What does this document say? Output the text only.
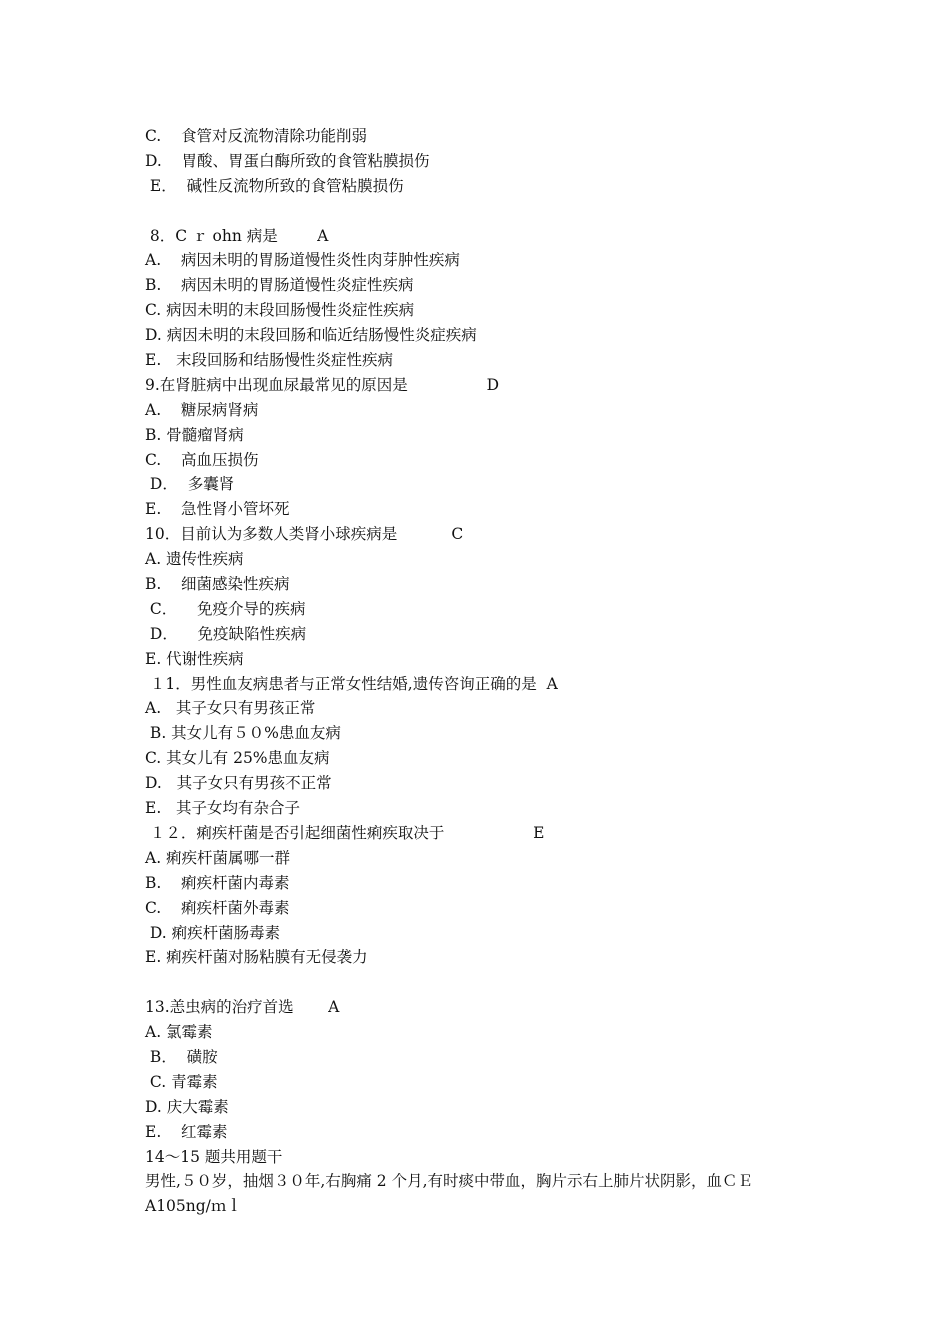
C.    食管对反流物清除功能削弱
D.    胃酸、胃蛋白酶所致的食管粘膜损伤
E．  碱性反流物所致的食管粘膜损伤
8．C ｒ ohn 病是        A
A.    病因未明的胃肠道慢性炎性肉芽肿性疾病
B.    病因未明的胃肠道慢性炎症性疾病
C. 病因未明的末段回肠慢性炎症性疾病
D. 病因未明的末段回肠和临近结肠慢性炎症疾病
E.   末段回肠和结肠慢性炎症性疾病
9.在肾脏病中出现血尿最常见的原因是                D
A.    糖尿病肾病
B. 骨髓瘤肾病
C.    高血压损伤
D．  多囊肾
E.    急性肾小管坏死
10．目前认为多数人类肾小球疾病是           C
A. 遗传性疾病
B.    细菌感染性疾病
C．    免疫介导的疾病
D．    免疫缺陷性疾病
E. 代谢性疾病
１1．男性血友病患者与正常女性结婚,遗传咨询正确的是  A
A.   其子女只有男孩正常
B. 其女儿有５０%患血友病
C. 其女儿有 25%患血友病
D.   其子女只有男孩不正常
E.   其子女均有杂合子
１２．痢疾杆菌是否引起细菌性痢疾取决于                  E
A. 痢疾杆菌属哪一群
B.    痢疾杆菌内毒素
C.    痢疾杆菌外毒素
D. 痢疾杆菌肠毒素
E. 痢疾杆菌对肠粘膜有无侵袭力
13.恙虫病的治疗首选       A
A. 氯霉素
B．  磺胺
C. 青霉素
D. 庆大霉素
E.    红霉素
14～15 题共用题干
男性,５０岁，抽烟３０年,右胸痛 2 个月,有时痰中带血，胸片示右上肺片状阴影，血ＣＥ
A105ng/ｍｌ
